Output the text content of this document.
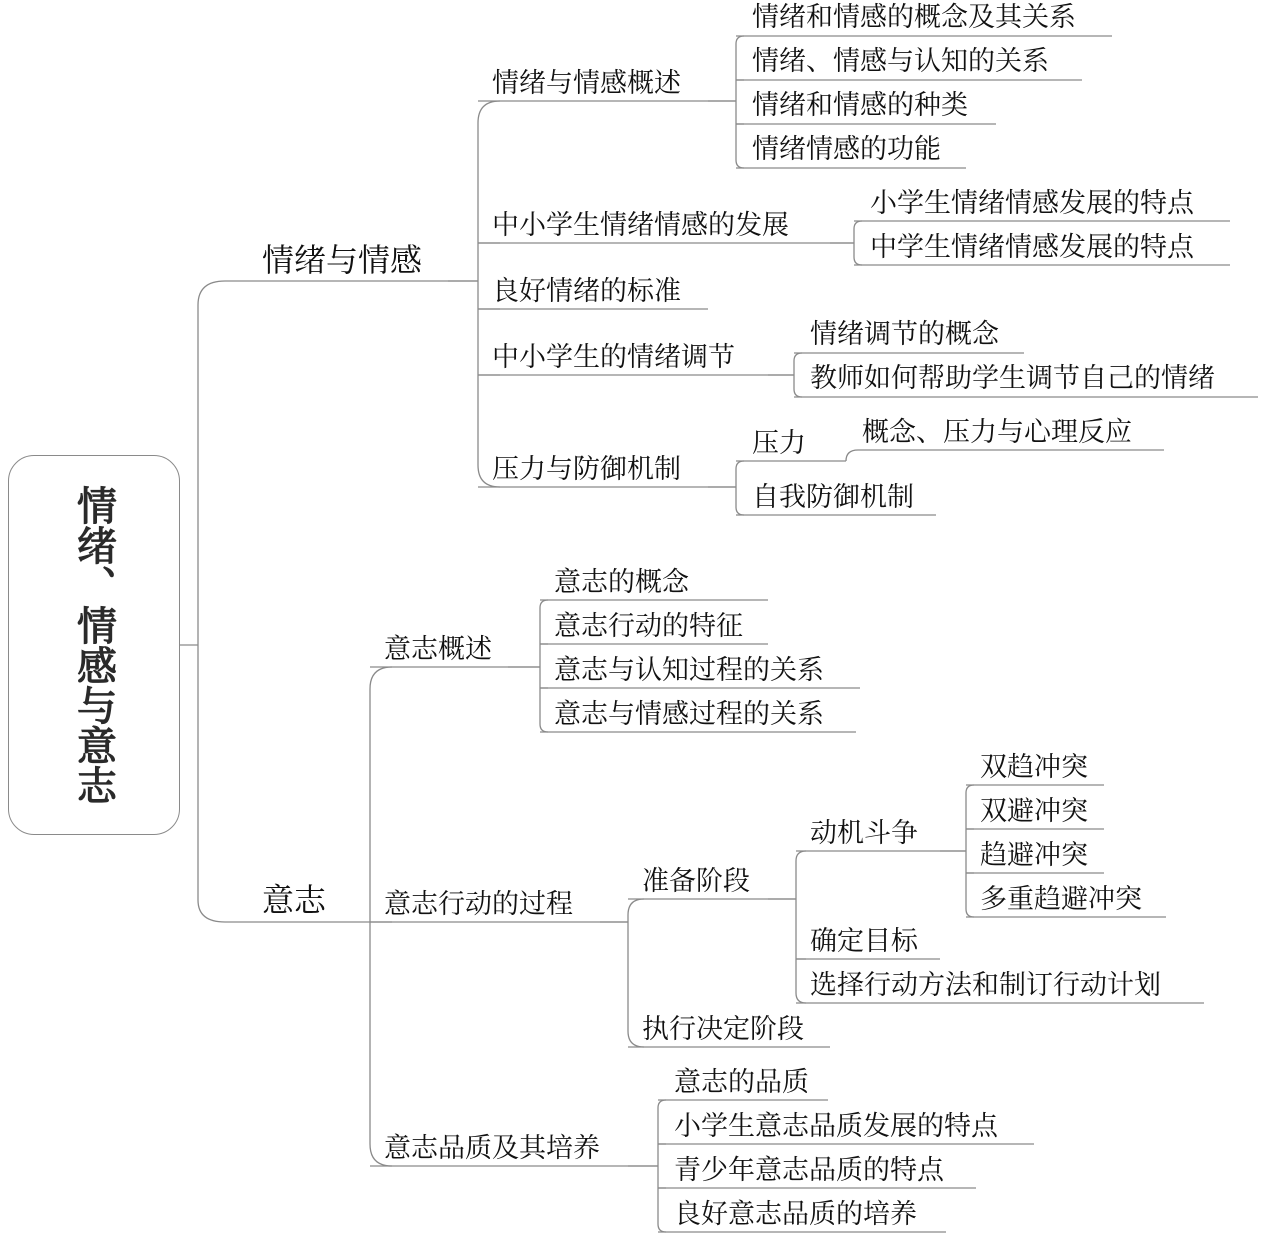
情绪、情感与意志
情绪与情感
意志
情绪与情感概述
中小学生情绪情感的发展
良好情绪的标准
中小学生的情绪调节
压力与防御机制
情绪和情感的概念及其关系
情绪、情感与认知的关系
情绪和情感的种类
情绪情感的功能
小学生情绪情感发展的特点
中学生情绪情感发展的特点
情绪调节的概念
教师如何帮助学生调节自己的情绪
压力 概念、压力与心理反应
自我防御机制
意志概述
意志行动的过程
意志品质及其培养
意志的概念
意志行动的特征
意志与认知过程的关系
意志与情感过程的关系
准备阶段
执行决定阶段
动机斗争
确定目标
选择行动方法和制订行动计划
双趋冲突
双避冲突
趋避冲突
多重趋避冲突
意志的品质
小学生意志品质发展的特点
青少年意志品质的特点
良好意志品质的培养
